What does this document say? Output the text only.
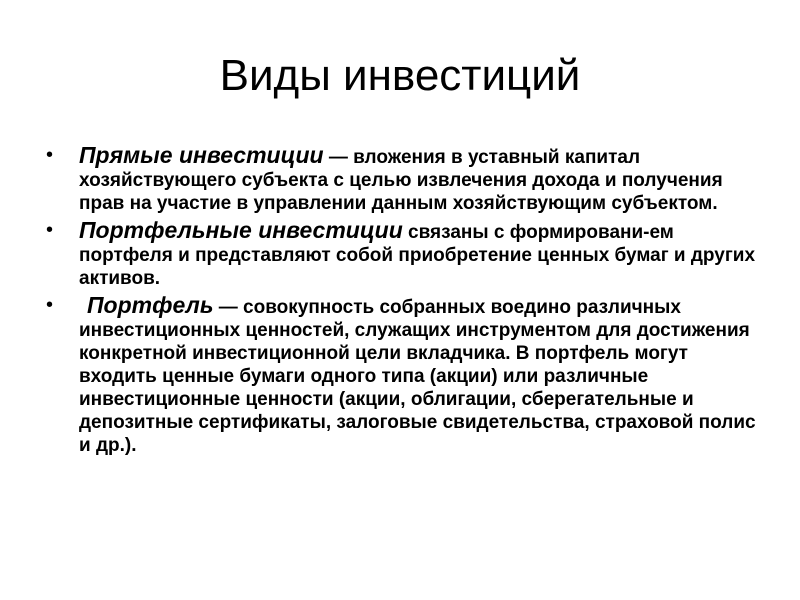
Виды инвестиций
• Прямые инвестиции — вложения в уставный капитал хозяйствующего субъекта с целью извлечения дохода и получения прав на участие в управлении данным хозяйствующим субъектом.
• Портфельные инвестиции связаны с формировани-ем портфеля и представляют собой приобретение ценных бумаг и других активов.
• Портфель — совокупность собранных воедино различных инвестиционных ценностей, служащих инструментом для достижения конкретной инвестиционной цели вкладчика. В портфель могут входить ценные бумаги одного типа (акции) или различные инвестиционные ценности (акции, облигации, сберегательные и депозитные сертификаты, залоговые свидетельства, страховой полис и др.).
